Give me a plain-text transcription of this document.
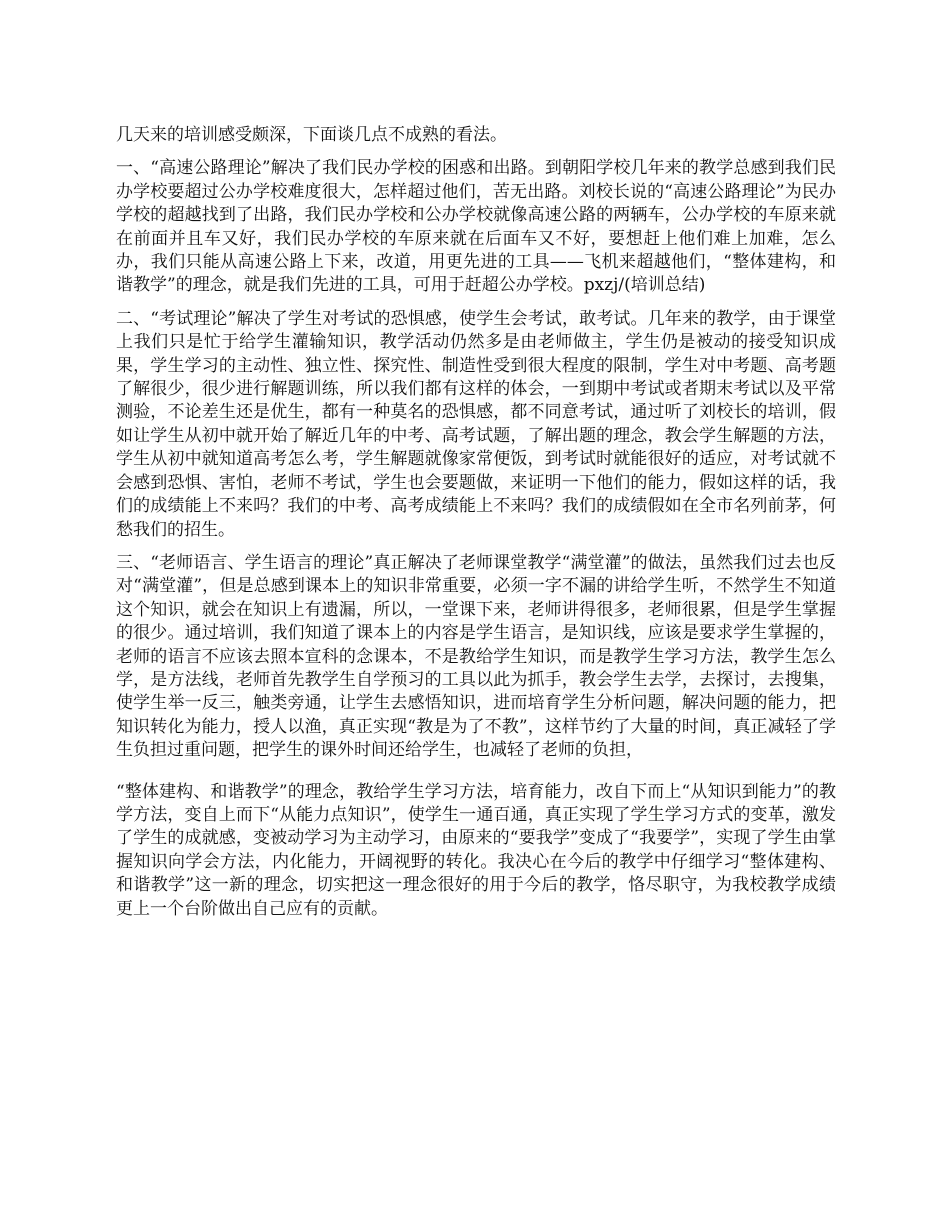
几天来的培训感受颇深，下面谈几点不成熟的看法。

一、“高速公路理论”解决了我们民办学校的困惑和出路。到朝阳学校几年来的教学总感到我们民办学校要超过公办学校难度很大，怎样超过他们，苦无出路。刘校长说的“高速公路理论”为民办学校的超越找到了出路，我们民办学校和公办学校就像高速公路的两辆车，公办学校的车原来就在前面并且车又好，我们民办学校的车原来就在后面车又不好，要想赶上他们难上加难，怎么办，我们只能从高速公路上下来，改道，用更先进的工具——飞机来超越他们，“整体建构，和谐教学”的理念，就是我们先进的工具，可用于赶超公办学校。pxzj/(培训总结)

二、“考试理论”解决了学生对考试的恐惧感，使学生会考试，敢考试。几年来的教学，由于课堂上我们只是忙于给学生灌输知识，教学活动仍然多是由老师做主，学生仍是被动的接受知识成果，学生学习的主动性、独立性、探究性、制造性受到很大程度的限制，学生对中考题、高考题了解很少，很少进行解题训练，所以我们都有这样的体会，一到期中考试或者期末考试以及平常测验，不论差生还是优生，都有一种莫名的恐惧感，都不同意考试，通过听了刘校长的培训，假如让学生从初中就开始了解近几年的中考、高考试题，了解出题的理念，教会学生解题的方法，学生从初中就知道高考怎么考，学生解题就像家常便饭，到考试时就能很好的适应，对考试就不会感到恐惧、害怕，老师不考试，学生也会要题做，来证明一下他们的能力，假如这样的话，我们的成绩能上不来吗？我们的中考、高考成绩能上不来吗？我们的成绩假如在全市名列前茅，何愁我们的招生。

三、“老师语言、学生语言的理论”真正解决了老师课堂教学“满堂灌”的做法，虽然我们过去也反对“满堂灌”，但是总感到课本上的知识非常重要，必须一字不漏的讲给学生听，不然学生不知道这个知识，就会在知识上有遗漏，所以，一堂课下来，老师讲得很多，老师很累，但是学生掌握的很少。通过培训，我们知道了课本上的内容是学生语言，是知识线，应该是要求学生掌握的，老师的语言不应该去照本宣科的念课本，不是教给学生知识，而是教学生学习方法，教学生怎么学，是方法线，老师首先教学生自学预习的工具以此为抓手，教会学生去学，去探讨，去搜集，使学生举一反三，触类旁通，让学生去感悟知识，进而培育学生分析问题，解决问题的能力，把知识转化为能力，授人以渔，真正实现“教是为了不教”，这样节约了大量的时间，真正减轻了学生负担过重问题，把学生的课外时间还给学生，也减轻了老师的负担，

“整体建构、和谐教学”的理念，教给学生学习方法，培育能力，改自下而上“从知识到能力”的教学方法，变自上而下“从能力点知识”，使学生一通百通，真正实现了学生学习方式的变革，激发了学生的成就感，变被动学习为主动学习，由原来的“要我学”变成了“我要学”，实现了学生由掌握知识向学会方法，内化能力，开阔视野的转化。我决心在今后的教学中仔细学习“整体建构、和谐教学”这一新的理念，切实把这一理念很好的用于今后的教学，恪尽职守，为我校教学成绩更上一个台阶做出自己应有的贡献。
